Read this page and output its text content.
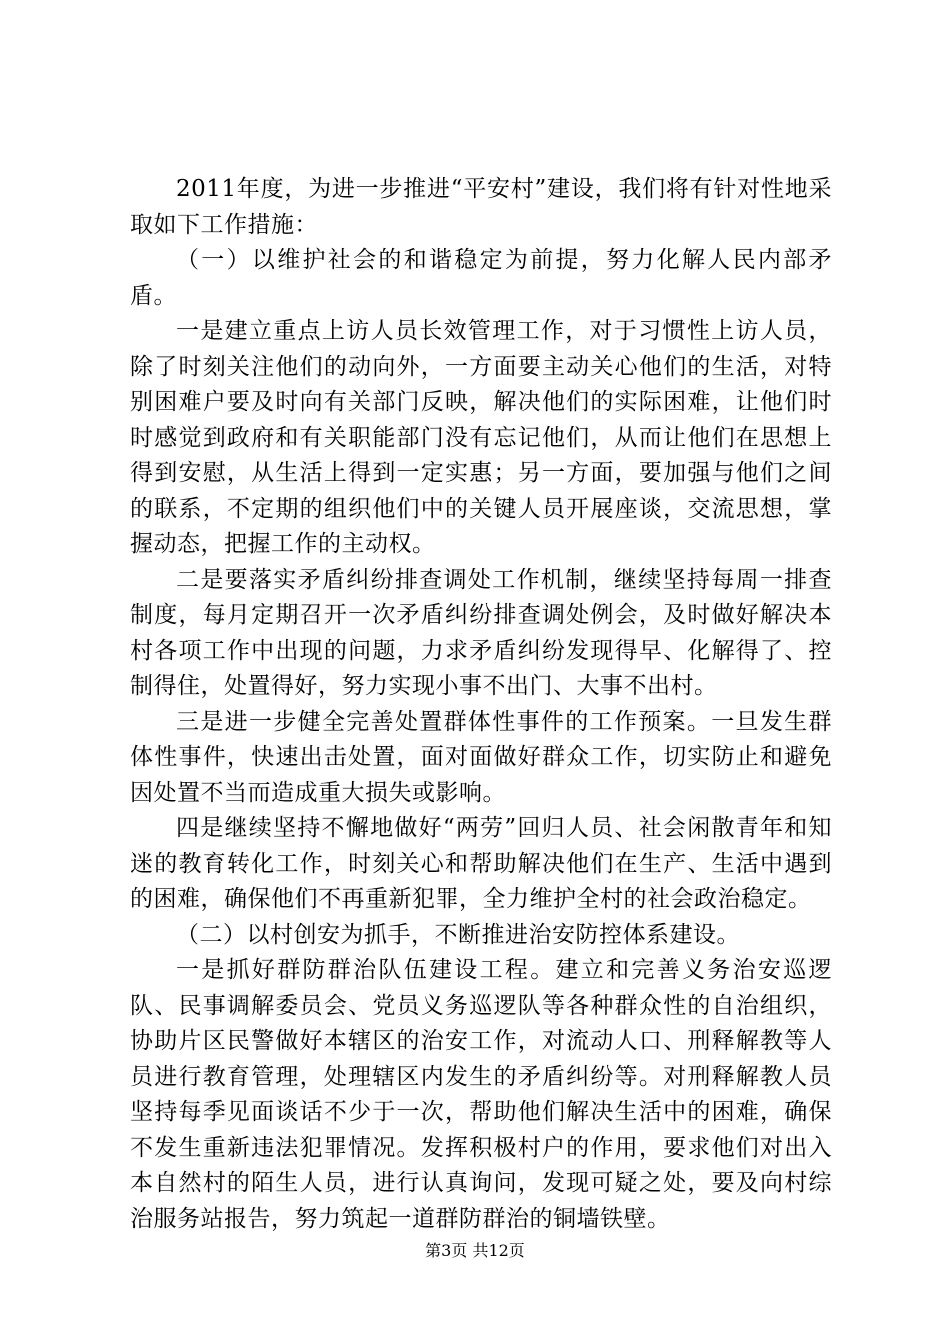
2011年度，为进一步推进“平安村”建设，我们将有针对性地采取如下工作措施：

（一）以维护社会的和谐稳定为前提，努力化解人民内部矛盾。

一是建立重点上访人员长效管理工作，对于习惯性上访人员，除了时刻关注他们的动向外，一方面要主动关心他们的生活，对特别困难户要及时向有关部门反映，解决他们的实际困难，让他们时时感觉到政府和有关职能部门没有忘记他们，从而让他们在思想上得到安慰，从生活上得到一定实惠；另一方面，要加强与他们之间的联系，不定期的组织他们中的关键人员开展座谈，交流思想，掌握动态，把握工作的主动权。

二是要落实矛盾纠纷排查调处工作机制，继续坚持每周一排查制度，每月定期召开一次矛盾纠纷排查调处例会，及时做好解决本村各项工作中出现的问题，力求矛盾纠纷发现得早、化解得了、控制得住，处置得好，努力实现小事不出门、大事不出村。

三是进一步健全完善处置群体性事件的工作预案。一旦发生群体性事件，快速出击处置，面对面做好群众工作，切实防止和避免因处置不当而造成重大损失或影响。

四是继续坚持不懈地做好“两劳”回归人员、社会闲散青年和知迷的教育转化工作，时刻关心和帮助解决他们在生产、生活中遇到的困难，确保他们不再重新犯罪，全力维护全村的社会政治稳定。

（二）以村创安为抓手，不断推进治安防控体系建设。

一是抓好群防群治队伍建设工程。建立和完善义务治安巡逻队、民事调解委员会、党员义务巡逻队等各种群众性的自治组织，协助片区民警做好本辖区的治安工作，对流动人口、刑释解教等人员进行教育管理，处理辖区内发生的矛盾纠纷等。对刑释解教人员坚持每季见面谈话不少于一次，帮助他们解决生活中的困难，确保不发生重新违法犯罪情况。发挥积极村户的作用，要求他们对出入本自然村的陌生人员，进行认真询问，发现可疑之处，要及向村综治服务站报告，努力筑起一道群防群治的铜墙铁壁。

第3页 共12页
